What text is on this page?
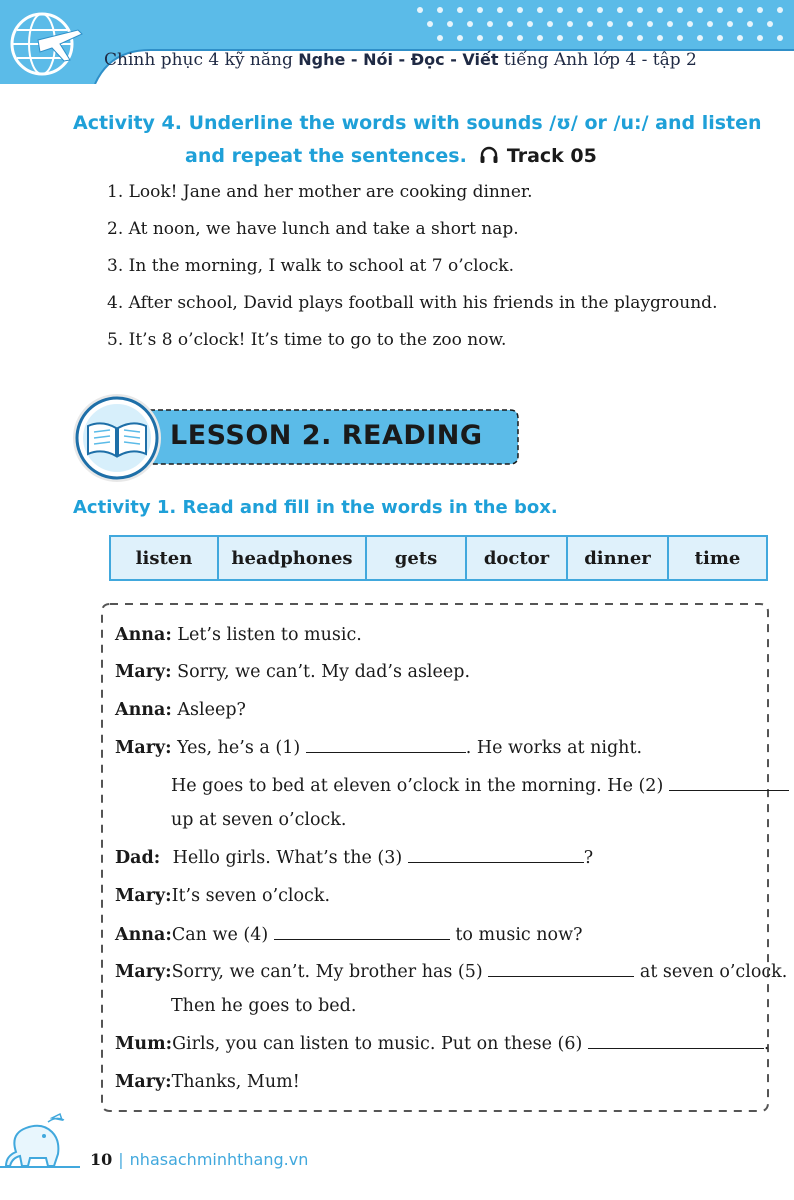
Chinh phục 4 kỹ năng Nghe - Nói - Đọc - Viết tiếng Anh lớp 4 - tập 2
Activity 4. Underline the words with sounds /ʊ/ or /u:/ and listen
and repeat the sentences. Track 05
1. Look! Jane and her mother are cooking dinner.
2. At noon, we have lunch and take a short nap.
3. In the morning, I walk to school at 7 o’clock.
4. After school, David plays football with his friends in the playground.
5. It’s 8 o’clock! It’s time to go to the zoo now.
LESSON 2. READING
Activity 1. Read and fill in the words in the box.
listen	headphones	gets	doctor	dinner	time
Anna: Let’s listen to music.
Mary: Sorry, we can’t. My dad’s asleep.
Anna: Asleep?
Mary: Yes, he’s a (1)	. He works at night.
He goes to bed at eleven o’clock in the morning. He (2)
up at seven o’clock.
Dad: Hello girls. What’s the (3)	?
Mary:It’s seven o’clock.
Anna:Can we (4)	to music now?
Mary:Sorry, we can’t. My brother has (5)	at seven o’clock.
Then he goes to bed.
Mum:Girls, you can listen to music. Put on these (6)	.
Mary:Thanks, Mum!
10 | nhasachminhthang.vn
